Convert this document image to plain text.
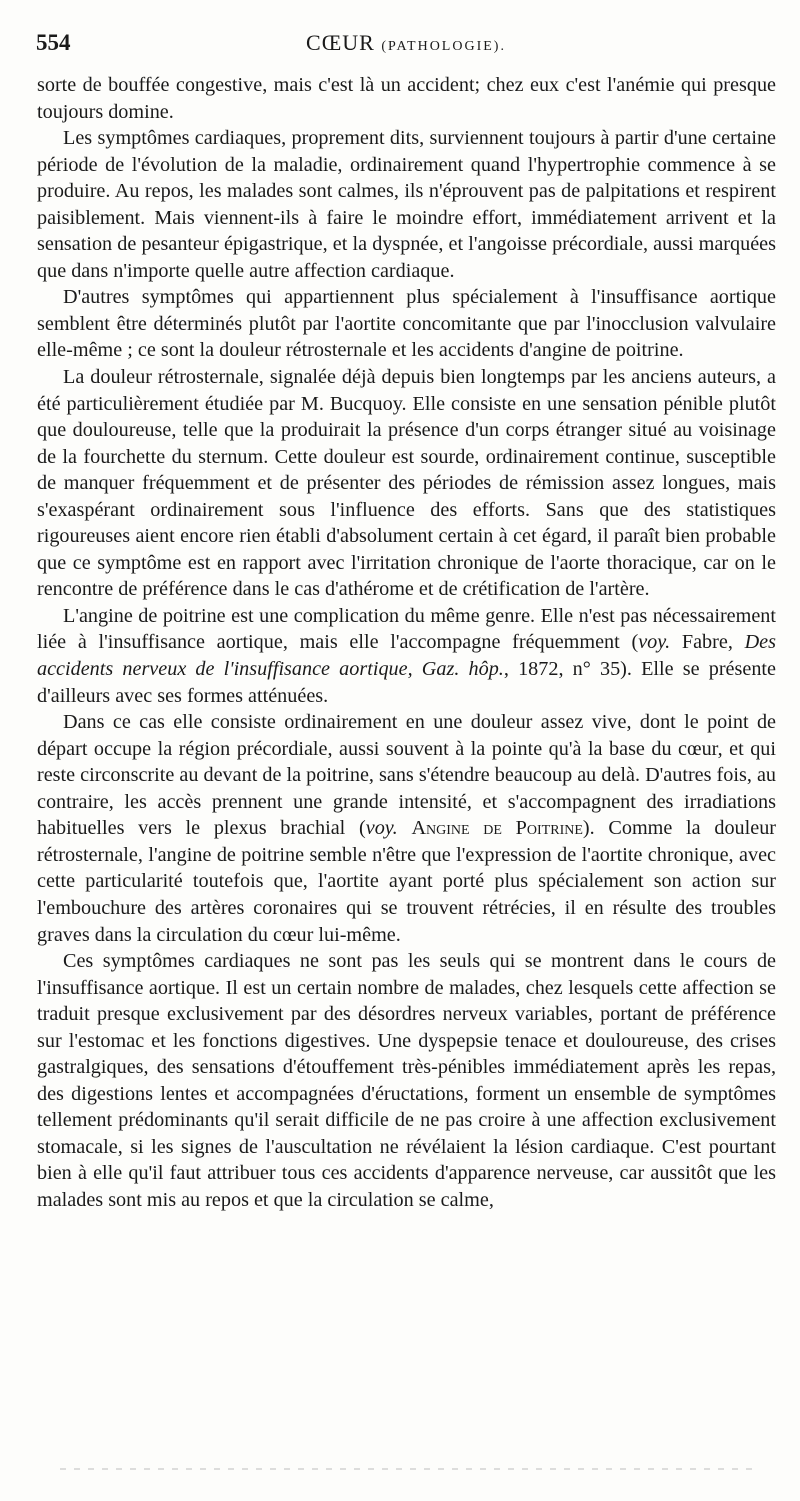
554	CŒUR (PATHOLOGIE).

sorte de bouffée congestive, mais c'est là un accident; chez eux c'est l'anémie qui presque toujours domine.

Les symptômes cardiaques, proprement dits, surviennent toujours à partir d'une certaine période de l'évolution de la maladie, ordinairement quand l'hypertrophie commence à se produire. Au repos, les malades sont calmes, ils n'éprouvent pas de palpitations et respirent paisiblement. Mais viennent-ils à faire le moindre effort, immédiatement arrivent et la sensation de pesanteur épigastrique, et la dyspnée, et l'angoisse précordiale, aussi marquées que dans n'importe quelle autre affection cardiaque.

D'autres symptômes qui appartiennent plus spécialement à l'insuffisance aortique semblent être déterminés plutôt par l'aortite concomitante que par l'inocclusion valvulaire elle-même ; ce sont la douleur rétrosternale et les accidents d'angine de poitrine.

La douleur rétrosternale, signalée déjà depuis bien longtemps par les anciens auteurs, a été particulièrement étudiée par M. Bucquoy. Elle consiste en une sensation pénible plutôt que douloureuse, telle que la produirait la présence d'un corps étranger situé au voisinage de la fourchette du sternum. Cette douleur est sourde, ordinairement continue, susceptible de manquer fréquemment et de présenter des périodes de rémission assez longues, mais s'exaspérant ordinairement sous l'influence des efforts. Sans que des statistiques rigoureuses aient encore rien établi d'absolument certain à cet égard, il paraît bien probable que ce symptôme est en rapport avec l'irritation chronique de l'aorte thoracique, car on le rencontre de préférence dans le cas d'athérome et de crétification de l'artère.

L'angine de poitrine est une complication du même genre. Elle n'est pas nécessairement liée à l'insuffisance aortique, mais elle l'accompagne fréquemment (voy. Fabre, Des accidents nerveux de l'insuffisance aortique, Gaz. hôp., 1872, n° 35). Elle se présente d'ailleurs avec ses formes atténuées.

Dans ce cas elle consiste ordinairement en une douleur assez vive, dont le point de départ occupe la région précordiale, aussi souvent à la pointe qu'à la base du cœur, et qui reste circonscrite au devant de la poitrine, sans s'étendre beaucoup au delà. D'autres fois, au contraire, les accès prennent une grande intensité, et s'accompagnent des irradiations habituelles vers le plexus brachial (voy. Angine de Poitrine). Comme la douleur rétrosternale, l'angine de poitrine semble n'être que l'expression de l'aortite chronique, avec cette particularité toutefois que, l'aortite ayant porté plus spécialement son action sur l'embouchure des artères coronaires qui se trouvent rétrécies, il en résulte des troubles graves dans la circulation du cœur lui-même.

Ces symptômes cardiaques ne sont pas les seuls qui se montrent dans le cours de l'insuffisance aortique. Il est un certain nombre de malades, chez lesquels cette affection se traduit presque exclusivement par des désordres nerveux variables, portant de préférence sur l'estomac et les fonctions digestives. Une dyspepsie tenace et douloureuse, des crises gastralgiques, des sensations d'étouffement très-pénibles immédiatement après les repas, des digestions lentes et accompagnées d'éructations, forment un ensemble de symptômes tellement prédominants qu'il serait difficile de ne pas croire à une affection exclusivement stomacale, si les signes de l'auscultation ne révélaient la lésion cardiaque. C'est pourtant bien à elle qu'il faut attribuer tous ces accidents d'apparence nerveuse, car aussitôt que les malades sont mis au repos et que la circulation se calme,
